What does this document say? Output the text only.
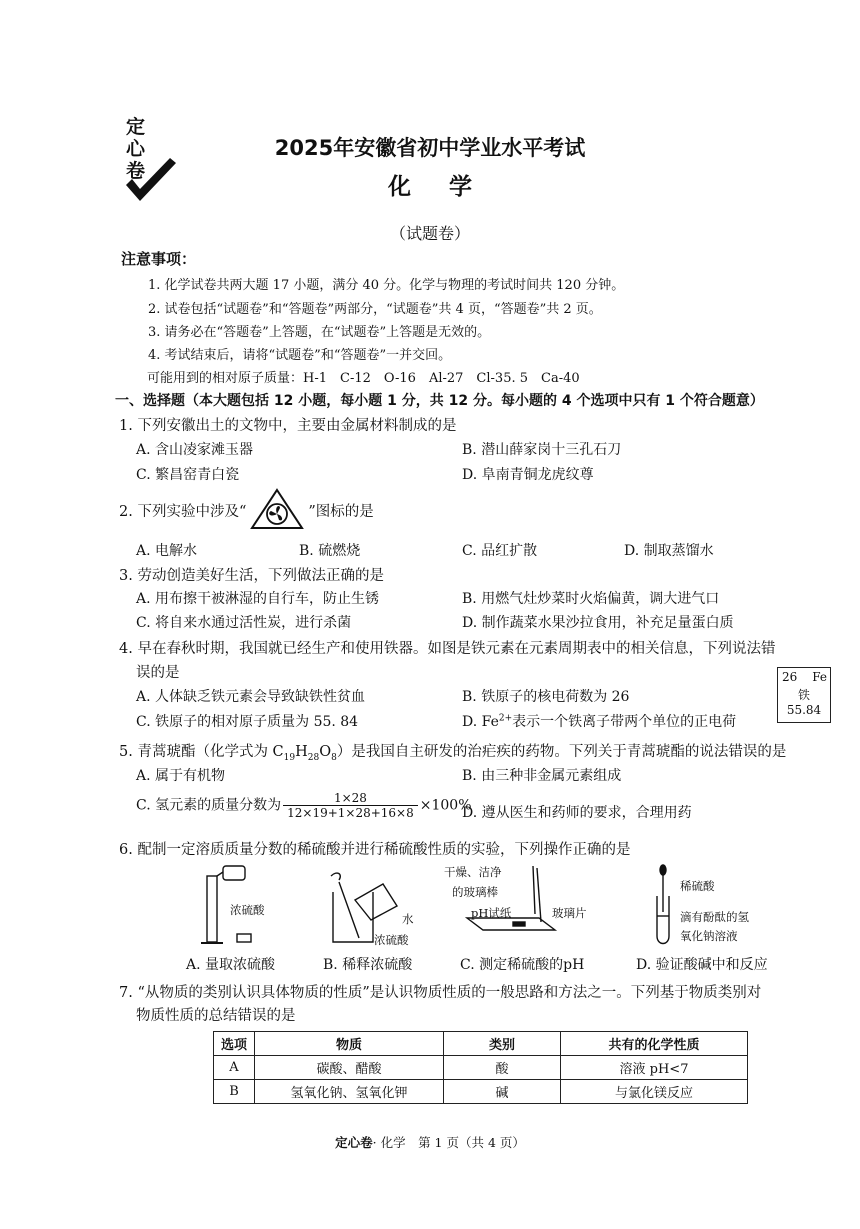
定
心
卷
2025年安徽省初中学业水平考试
化学
（试题卷）
注意事项：
1. 化学试卷共两大题 17 小题，满分 40 分。化学与物理的考试时间共 120 分钟。
2. 试卷包括“试题卷”和“答题卷”两部分，“试题卷”共 4 页，“答题卷”共 2 页。
3. 请务必在“答题卷”上答题，在“试题卷”上答题是无效的。
4. 考试结束后，请将“试题卷”和“答题卷”一并交回。
可能用到的相对原子质量：H-1　C-12　O-16　Al-27　Cl-35. 5　Ca-40
一、选择题（本大题包括 12 小题，每小题 1 分，共 12 分。每小题的 4 个选项中只有 1 个符合题意）
1. 下列安徽出土的文物中，主要由金属材料制成的是
A. 含山凌家滩玉器	B. 潜山薛家岗十三孔石刀
C. 繁昌窑青白瓷	D. 阜南青铜龙虎纹尊
2. 下列实验中涉及“	”图标的是
A. 电解水	B. 硫燃烧	C. 品红扩散	D. 制取蒸馏水
3. 劳动创造美好生活，下列做法正确的是
A. 用布擦干被淋湿的自行车，防止生锈	B. 用燃气灶炒菜时火焰偏黄，调大进气口
C. 将自来水通过活性炭，进行杀菌	D. 制作蔬菜水果沙拉食用，补充足量蛋白质
4. 早在春秋时期，我国就已经生产和使用铁器。如图是铁元素在元素周期表中的相关信息，下列说法错
误的是
A. 人体缺乏铁元素会导致缺铁性贫血	B. 铁原子的核电荷数为 26
C. 铁原子的相对原子质量为 55. 84	D. $Fe^{2+}$表示一个铁离子带两个单位的正电荷
26 Fe
铁
55.84
5. 青蒿琥酯（化学式为 $C_{19}H_{28}O_8$）是我国自主研发的治疟疾的药物。下列关于青蒿琥酯的说法错误的是
A. 属于有机物	B. 由三种非金属元素组成
C. 氢元素的质量分数为 $\frac{1\times 28}{12\times 19+1\times 28+16\times 8} \times 100\%$
D. 遵从医生和药师的要求，合理用药
6. 配制一定溶质质量分数的稀硫酸并进行稀硫酸性质的实验，下列操作正确的是
浓硫酸
水
浓硫酸
干燥、洁净
的玻璃棒
pH试纸	玻璃片
稀硫酸
滴有酚酞的氢
氧化钠溶液
A. 量取浓硫酸	B. 稀释浓硫酸	C. 测定稀硫酸的pH	D. 验证酸碱中和反应
7. “从物质的类别认识具体物质的性质”是认识物质性质的一般思路和方法之一。下列基于物质类别对
物质性质的总结错误的是
选项	物质	类别	共有的化学性质
A	碳酸、醋酸	酸	溶液 pH<7
B	氢氧化钠、氢氧化钾	碱	与氯化镁反应
定心卷· 化学　第 1 页（共 4 页）
